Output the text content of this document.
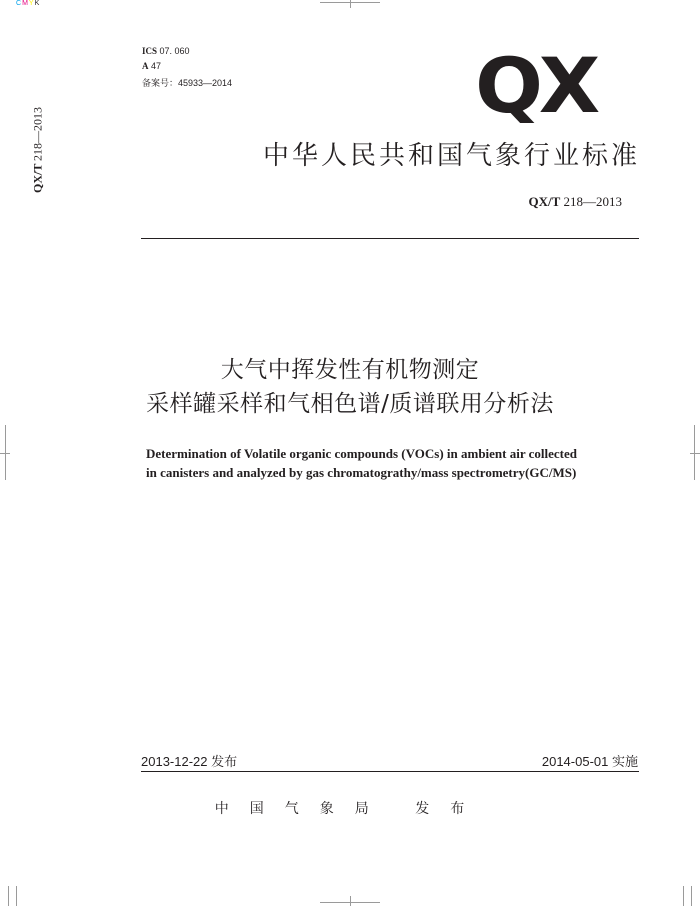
CMYK
QX/T

218—2013
ICS 07. 060
A 47
备案号：45933—2014	QX
中华人民共和国气象行业标准
QX/T 218—2013
大气中挥发性有机物测定
采样罐采样和气相色谱/质谱联用分析法
Determination of Volatile organic compounds (VOCs) in ambient air collected
in canisters and analyzed by gas chromatograthy/mass spectrometry(GC/MS)
2013-12-22 发布	2014-05-01 实施
中国气象局 发布
